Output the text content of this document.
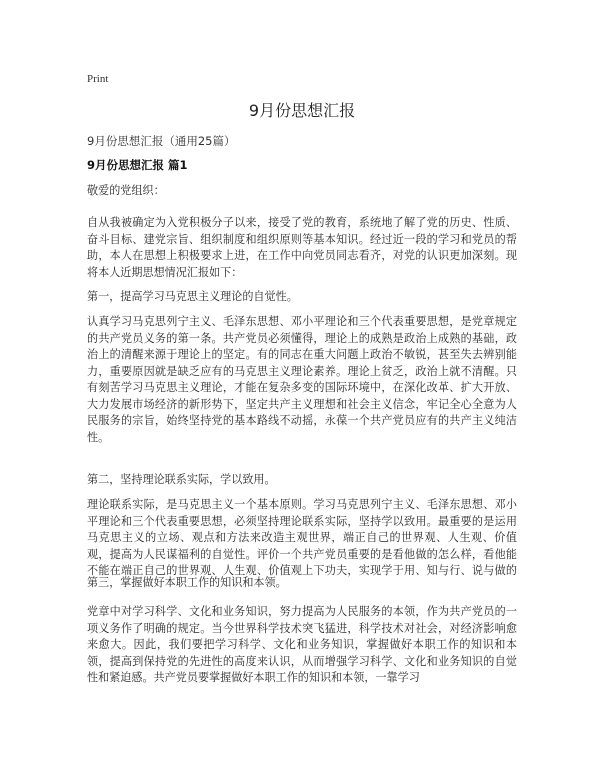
Print
9月份思想汇报
9月份思想汇报（通用25篇）
9月份思想汇报 篇1

敬爱的党组织：

自从我被确定为入党积极分子以来，接受了党的教育，系统地了解了党的历史、性质、奋斗目标、建党宗旨、组织制度和组织原则等基本知识。经过近一段的学习和党员的帮助，本人在思想上积极要求上进，在工作中向党员同志看齐，对党的认识更加深刻。现将本人近期思想情况汇报如下：

第一，提高学习马克思主义理论的自觉性。

认真学习马克思列宁主义、毛泽东思想、邓小平理论和三个代表重要思想，是党章规定的共产党员义务的第一条。共产党员必须懂得，理论上的成熟是政治上成熟的基础，政治上的清醒来源于理论上的坚定。有的同志在重大问题上政治不敏锐，甚至失去辨别能力，重要原因就是缺乏应有的马克思主义理论素养。理论上贫乏，政治上就不清醒。只有刻苦学习马克思主义理论，才能在复杂多变的国际环境中，在深化改革、扩大开放、大力发展市场经济的新形势下，坚定共产主义理想和社会主义信念，牢记全心全意为人民服务的宗旨，始终坚持党的基本路线不动摇，永葆一个共产党员应有的共产主义纯洁性。

第二，坚持理论联系实际，学以致用。

理论联系实际，是马克思主义一个基本原则。学习马克思列宁主义、毛泽东思想、邓小平理论和三个代表重要思想，必须坚持理论联系实际，坚持学以致用。最重要的是运用马克思主义的立场、观点和方法来改造主观世界，端正自己的世界观、人生观、价值观，提高为人民谋福利的自觉性。评价一个共产党员重要的是看他做的怎么样，看他能不能在端正自己的世界观、人生观、价值观上下功夫，实现学于用、知与行、说与做的

第三，掌握做好本职工作的知识和本领。

党章中对学习科学、文化和业务知识，努力提高为人民服务的本领，作为共产党员的一项义务作了明确的规定。当今世界科学技术突飞猛进，科学技术对社会，对经济影响愈来愈大。因此，我们要把学习科学、文化和业务知识，掌握做好本职工作的知识和本领，提高到保持党的先进性的高度来认识，从而增强学习科学、文化和业务知识的自觉性和紧迫感。共产党员要掌握做好本职工作的知识和本领，一靠学习
